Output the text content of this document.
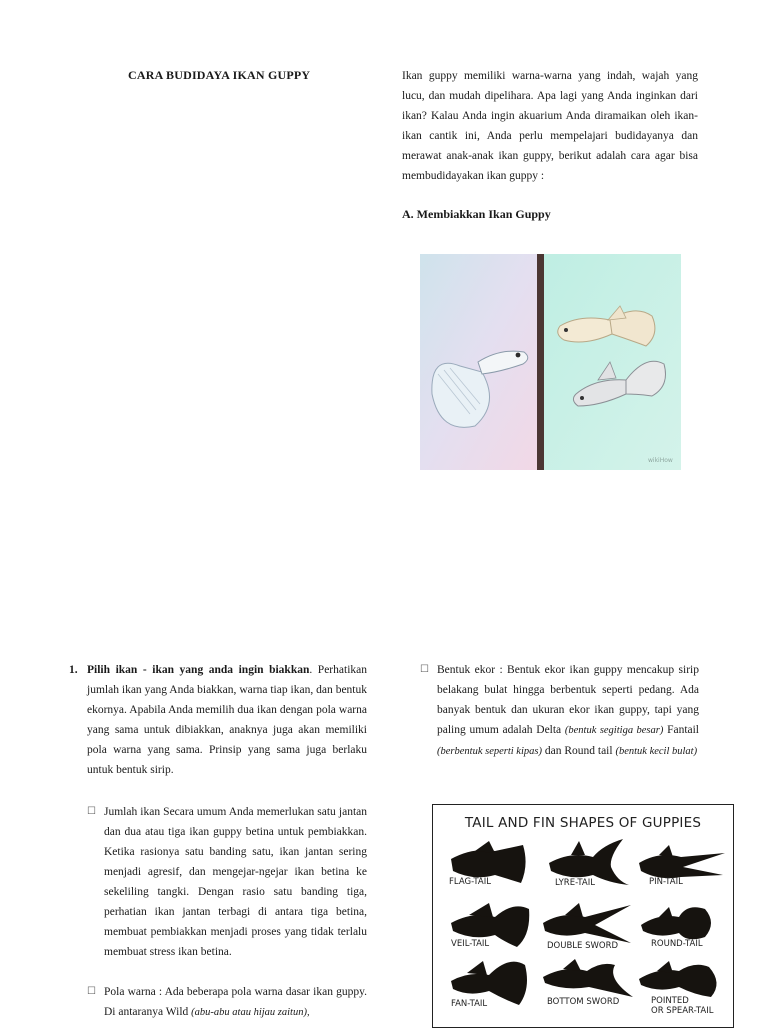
CARA BUDIDAYA IKAN GUPPY	Ikan guppy memiliki warna-warna yang indah, wajah yang lucu, dan mudah dipelihara. Apa lagi yang Anda inginkan dari ikan? Kalau Anda ingin akuarium Anda diramaikan oleh ikan-ikan cantik ini, Anda perlu mempelajari budidayanya dan merawat anak-anak ikan guppy, berikut adalah cara agar bisa membudidayakan ikan guppy :
A. Membiakkan Ikan Guppy
wikiHow
1. Pilih ikan - ikan yang anda ingin biakkan. Perhatikan jumlah ikan yang Anda biakkan, warna tiap ikan, dan bentuk ekornya. Apabila Anda memilih dua ikan dengan pola warna yang sama untuk dibiakkan, anaknya juga akan memiliki pola warna yang sama. Prinsip yang sama juga berlaku untuk bentuk sirip.
☐ Jumlah ikan Secara umum Anda memerlukan satu jantan dan dua atau tiga ikan guppy betina untuk pembiakkan. Ketika rasionya satu banding satu, ikan jantan sering menjadi agresif, dan mengejar-ngejar ikan betina ke sekeliling tangki. Dengan rasio satu banding tiga, perhatian ikan jantan terbagi di antara tiga betina, membuat pembiakkan menjadi proses yang tidak terlalu membuat stress ikan betina.
☐ Pola warna : Ada beberapa pola warna dasar ikan guppy. Di antaranya Wild (abu-abu atau hijau zaitun),
☐ Bentuk ekor : Bentuk ekor ikan guppy mencakup sirip belakang bulat hingga berbentuk seperti pedang. Ada banyak bentuk dan ukuran ekor ikan guppy, tapi yang paling umum adalah Delta (bentuk segitiga besar) Fantail (berbentuk seperti kipas) dan Round tail (bentuk kecil bulat)
TAIL AND FIN SHAPES OF GUPPIES
FLAG-TAIL	LYRE-TAIL	PIN-TAIL
VEIL-TAIL	DOUBLE SWORD	ROUND-TAIL
FAN-TAIL	BOTTOM SWORD	POINTED
OR SPEAR-TAIL
